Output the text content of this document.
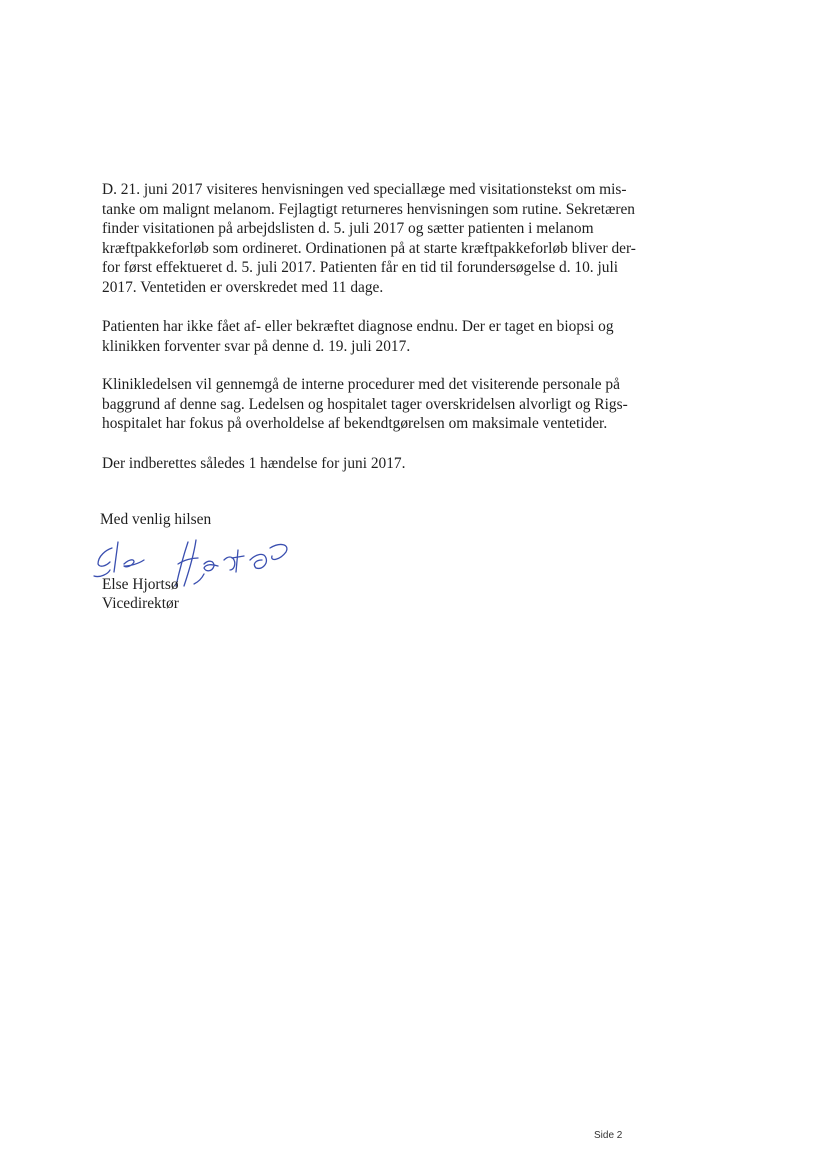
D. 21. juni 2017 visiteres henvisningen ved speciallæge med visitationstekst om mis-
tanke om malignt melanom. Fejlagtigt returneres henvisningen som rutine. Sekretæren
finder visitationen på arbejdslisten d. 5. juli 2017 og sætter patienten i melanom
kræftpakkeforløb som ordineret. Ordinationen på at starte kræftpakkeforløb bliver der-
for først effektueret d. 5. juli 2017. Patienten får en tid til forundersøgelse d. 10. juli
2017. Ventetiden er overskredet med 11 dage.

Patienten har ikke fået af- eller bekræftet diagnose endnu. Der er taget en biopsi og
klinikken forventer svar på denne d. 19. juli 2017.

Klinikledelsen vil gennemgå de interne procedurer med det visiterende personale på
baggrund af denne sag. Ledelsen og hospitalet tager overskridelsen alvorligt og Rigs-
hospitalet har fokus på overholdelse af bekendtgørelsen om maksimale ventetider.

Der indberettes således 1 hændelse for juni 2017.

Med venlig hilsen
Else Hjortsø
Vicedirektør
Side 2
